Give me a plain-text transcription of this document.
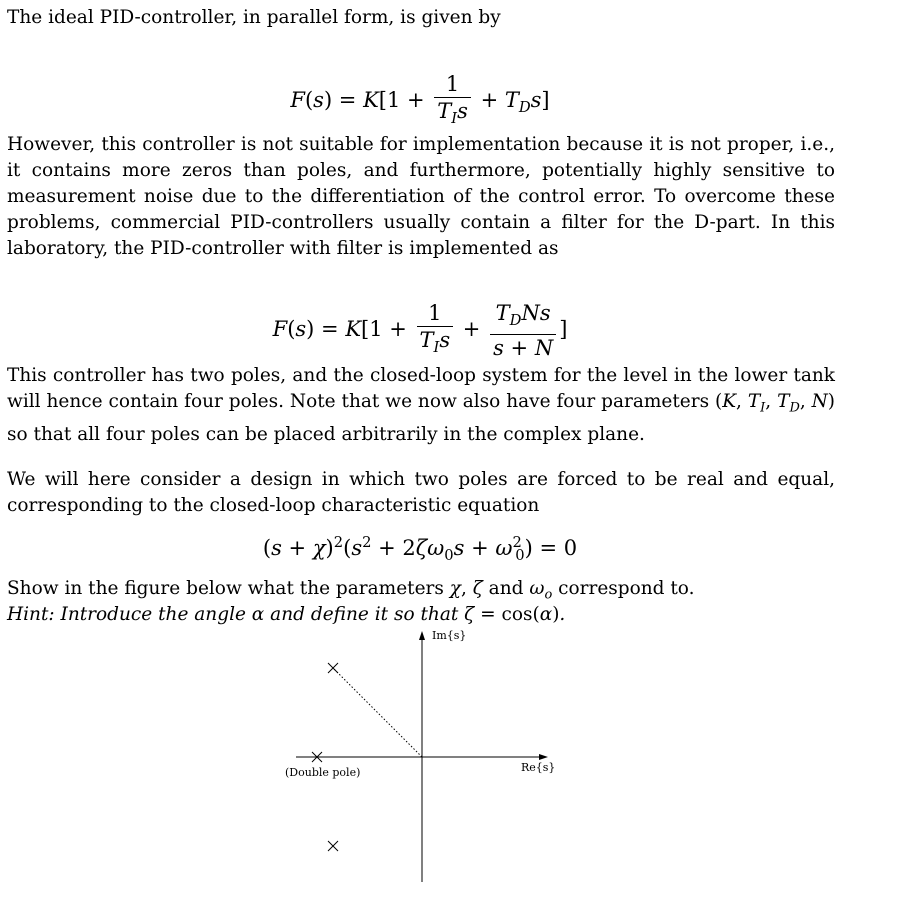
The ideal PID-controller, in parallel form, is given by
$F(s) = K[1 + \frac{1}{T_Is} + T_Ds]$
However, this controller is not suitable for implementation because it is not proper, i.e., it contains more zeros than poles, and furthermore, potentially highly sensitive to measurement noise due to the differentiation of the control error. To overcome these problems, commercial PID-controllers usually contain a filter for the D-part. In this laboratory, the PID-controller with filter is implemented as
$F(s) = K[1 + \frac{1}{T_Is} + \frac{T_DNs}{s + N}$ ]
This controller has two poles, and the closed-loop system for the level in the lower tank will hence contain four poles. Note that we now also have four parameters (K, $T_I$, $T_D$, N) so that all four poles can be placed arbitrarily in the complex plane.
We will here consider a design in which two poles are forced to be real and equal, corresponding to the closed-loop characteristic equation
$(s + \chi)^2(s^2 + 2\zeta\omega_0s + \omega^2_0) = 0$
Show in the figure below what the parameters χ, ζ and $\omega_o$ correspond to.
Hint: Introduce the angle α and define it so that ζ = cos(α).
Im{s}
Re{s}
(Double pole)
